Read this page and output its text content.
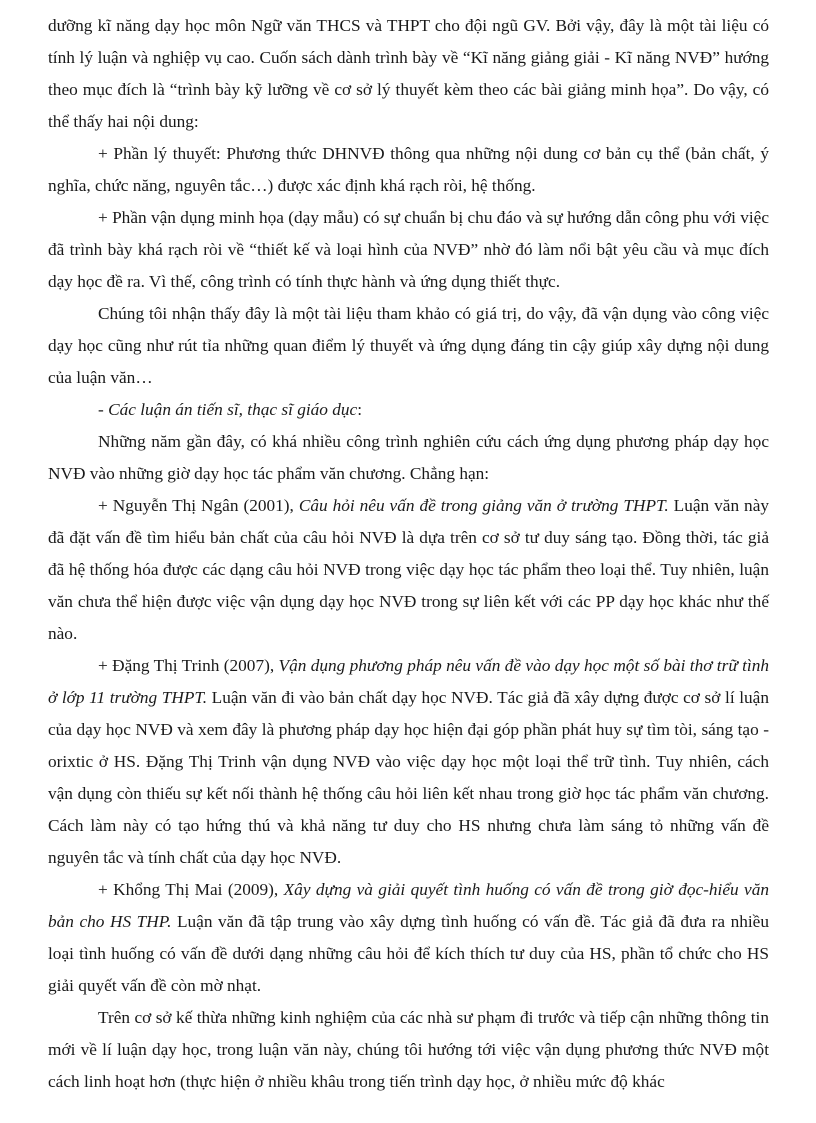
dưỡng kĩ năng dạy học môn Ngữ văn THCS và THPT cho đội ngũ GV. Bởi vậy, đây là một tài liệu có tính lý luận và nghiệp vụ cao. Cuốn sách dành trình bày về “Kĩ năng giảng giải - Kĩ năng NVĐ” hướng theo mục đích là “trình bày kỹ lưỡng về cơ sở lý thuyết kèm theo các bài giảng minh họa”. Do vậy, có thể thấy hai nội dung:

+ Phần lý thuyết: Phương thức DHNVĐ thông qua những nội dung cơ bản cụ thể (bản chất, ý nghĩa, chức năng, nguyên tắc…) được xác định khá rạch ròi, hệ thống.

+ Phần vận dụng minh họa (dạy mẫu) có sự chuẩn bị chu đáo và sự hướng dẫn công phu với việc đã trình bày khá rạch ròi về “thiết kế và loại hình của NVĐ” nhờ đó làm nổi bật yêu cầu và mục đích dạy học đề ra. Vì thế, công trình có tính thực hành và ứng dụng thiết thực.

Chúng tôi nhận thấy đây là một tài liệu tham khảo có giá trị, do vậy, đã vận dụng vào công việc dạy học cũng như rút tỉa những quan điểm lý thuyết và ứng dụng đáng tin cậy giúp xây dựng nội dung của luận văn…

- Các luận án tiến sĩ, thạc sĩ giáo dục:

Những năm gần đây, có khá nhiều công trình nghiên cứu cách ứng dụng phương pháp dạy học NVĐ vào những giờ dạy học tác phẩm văn chương. Chẳng hạn:

+ Nguyễn Thị Ngân (2001), Câu hỏi nêu vấn đề trong giảng văn ở trường THPT. Luận văn này đã đặt vấn đề tìm hiểu bản chất của câu hỏi NVĐ là dựa trên cơ sở tư duy sáng tạo. Đồng thời, tác giả đã hệ thống hóa được các dạng câu hỏi NVĐ trong việc dạy học tác phẩm theo loại thể. Tuy nhiên, luận văn chưa thể hiện được việc vận dụng dạy học NVĐ trong sự liên kết với các PP dạy học khác như thế nào.

+ Đặng Thị Trinh (2007), Vận dụng phương pháp nêu vấn đề vào dạy học một số bài thơ trữ tình ở lớp 11 trường THPT. Luận văn đi vào bản chất dạy học NVĐ. Tác giả đã xây dựng được cơ sở lí luận của dạy học NVĐ và xem đây là phương pháp dạy học hiện đại góp phần phát huy sự tìm tòi, sáng tạo - orixtic ở HS. Đặng Thị Trinh vận dụng NVĐ vào việc dạy học một loại thể trữ tình. Tuy nhiên, cách vận dụng còn thiếu sự kết nối thành hệ thống câu hỏi liên kết nhau trong giờ học tác phẩm văn chương. Cách làm này có tạo hứng thú và khả năng tư duy cho HS nhưng chưa làm sáng tỏ những vấn đề nguyên tắc và tính chất của dạy học NVĐ.

+ Khổng Thị Mai (2009), Xây dựng và giải quyết tình huống có vấn đề trong giờ đọc-hiểu văn bản cho HS THP. Luận văn đã tập trung vào xây dựng tình huống có vấn đề. Tác giả đã đưa ra nhiều loại tình huống có vấn đề dưới dạng những câu hỏi để kích thích tư duy của HS, phần tổ chức cho HS giải quyết vấn đề còn mờ nhạt.

Trên cơ sở kế thừa những kinh nghiệm của các nhà sư phạm đi trước và tiếp cận những thông tin mới về lí luận dạy học, trong luận văn này, chúng tôi hướng tới việc vận dụng phương thức NVĐ một cách linh hoạt hơn (thực hiện ở nhiều khâu trong tiến trình dạy học, ở nhiều mức độ khác
